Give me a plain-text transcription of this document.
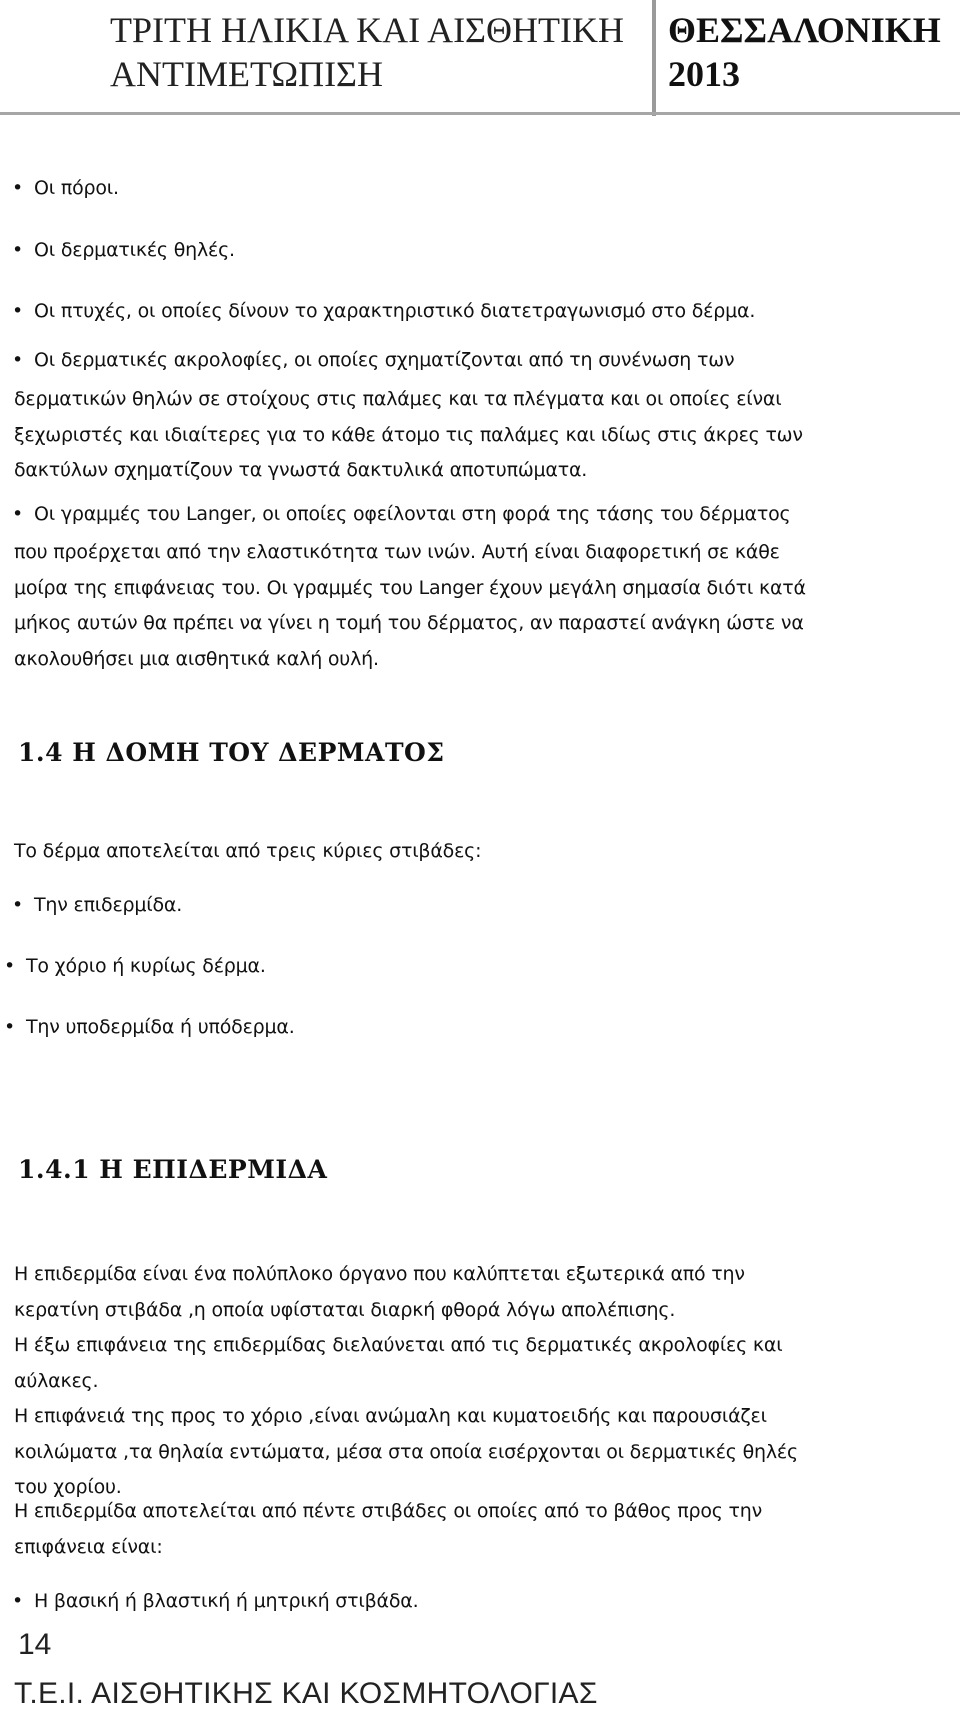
ΤΡΙΤΗ ΗΛΙΚΙΑ ΚΑΙ ΑΙΣΘΗΤΙΚΗ
ΑΝΤΙΜΕΤΩΠΙΣΗ
ΘΕΣΣΑΛΟΝΙΚΗ
2013
• Οι πόροι.
• Οι δερματικές θηλές.
• Οι πτυχές, οι οποίες δίνουν το χαρακτηριστικό διατετραγωνισμό στο δέρμα.
• Οι δερματικές ακρολοφίες, οι οποίες σχηματίζονται από τη συνένωση των
δερματικών θηλών σε στοίχους στις παλάμες και τα πλέγματα και οι οποίες είναι
ξεχωριστές και ιδιαίτερες για το κάθε άτομο τις παλάμες και ιδίως στις άκρες των
δακτύλων σχηματίζουν τα γνωστά δακτυλικά αποτυπώματα.
• Οι γραμμές του Langer, οι οποίες οφείλονται στη φορά της τάσης του δέρματος
που προέρχεται από την ελαστικότητα των ινών. Αυτή είναι διαφορετική σε κάθε
μοίρα της επιφάνειας του. Οι γραμμές του Langer έχουν μεγάλη σημασία διότι κατά
μήκος αυτών θα πρέπει να γίνει η τομή του δέρματος, αν παραστεί ανάγκη ώστε να
ακολουθήσει μια αισθητικά καλή ουλή.
1.4 Η ΔΟΜΗ ΤΟΥ ΔΕΡΜΑΤΟΣ
Το δέρμα αποτελείται από τρεις κύριες στιβάδες:
• Την επιδερμίδα.
• Το χόριο ή κυρίως δέρμα.
• Την υποδερμίδα ή υπόδερμα.
1.4.1 Η ΕΠΙΔΕΡΜΙΔΑ
Η επιδερμίδα είναι ένα πολύπλοκο όργανο που καλύπτεται εξωτερικά από την
κερατίνη στιβάδα ,η οποία υφίσταται διαρκή φθορά λόγω απολέπισης.
Η έξω επιφάνεια της επιδερμίδας διελαύνεται από τις δερματικές ακρολοφίες και
αύλακες.
Η επιφάνειά της προς το χόριο ,είναι ανώμαλη και κυματοειδής και παρουσιάζει
κοιλώματα ,τα θηλαία εντώματα, μέσα στα οποία εισέρχονται οι δερματικές θηλές
του χορίου.
Η επιδερμίδα αποτελείται από πέντε στιβάδες οι οποίες από το βάθος προς την
επιφάνεια είναι:
• Η βασική ή βλαστική ή μητρική στιβάδα.
14
Τ.Ε.Ι. ΑΙΣΘΗΤΙΚΗΣ ΚΑΙ ΚΟΣΜΗΤΟΛΟΓΙΑΣ
